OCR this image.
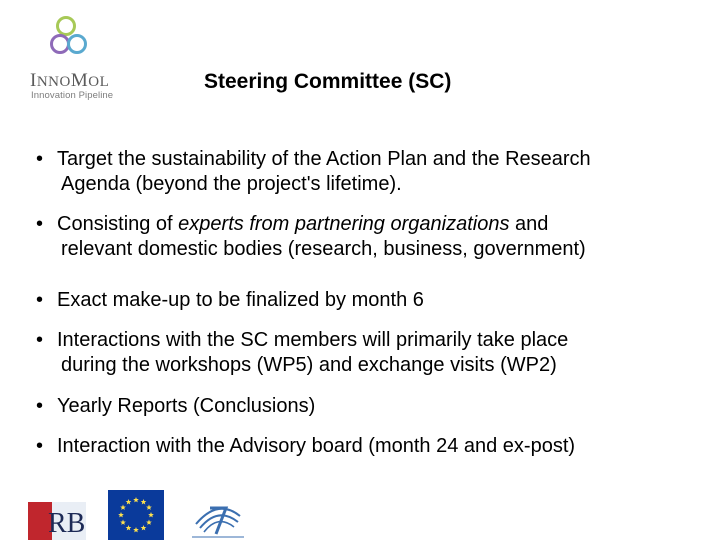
INNOMOL
Innovation Pipeline
Steering Committee (SC)
• Target the sustainability of the Action Plan and the Research
Agenda (beyond the project's lifetime).
• Consisting of experts from partnering organizations and
relevant domestic bodies (research, business, government)
• Exact make-up to be finalized by month 6
• Interactions with the SC members will primarily take place
during the workshops (WP5) and exchange visits (WP2)
• Yearly Reports (Conclusions)
• Interaction with the Advisory board (month 24 and ex-post)
RB
